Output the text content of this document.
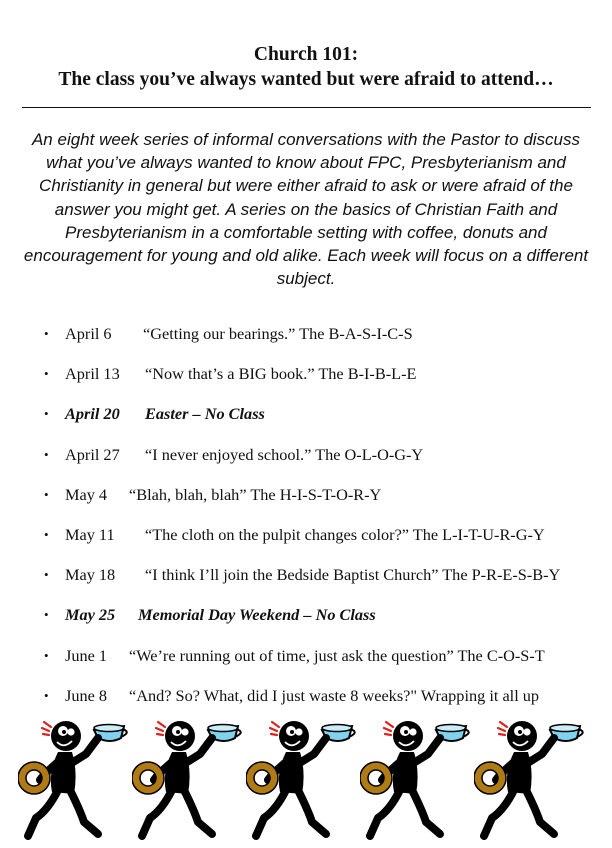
Church 101:
The class you’ve always wanted but were afraid to attend…
An eight week series of informal conversations with the Pastor to discuss what you’ve always wanted to know about FPC, Presbyterianism and Christianity in general but were either afraid to ask or were afraid of the answer you might get. A series on the basics of Christian Faith and Presbyterianism in a comfortable setting with coffee, donuts and encouragement for young and old alike. Each week will focus on a different subject.
• April 6 “Getting our bearings.” The B-A-S-I-C-S
• April 13 “Now that’s a BIG book.” The B-I-B-L-E
• April 20 Easter – No Class
• April 27 “I never enjoyed school.” The O-L-O-G-Y
• May 4 “Blah, blah, blah” The H-I-S-T-O-R-Y
• May 11 “The cloth on the pulpit changes color?” The L-I-T-U-R-G-Y
• May 18 “I think I’ll join the Bedside Baptist Church” The P-R-E-S-B-Y
• May 25 Memorial Day Weekend – No Class
• June 1 “We’re running out of time, just ask the question” The C-O-S-T
• June 8 “And? So? What, did I just waste 8 weeks?" Wrapping it all up
